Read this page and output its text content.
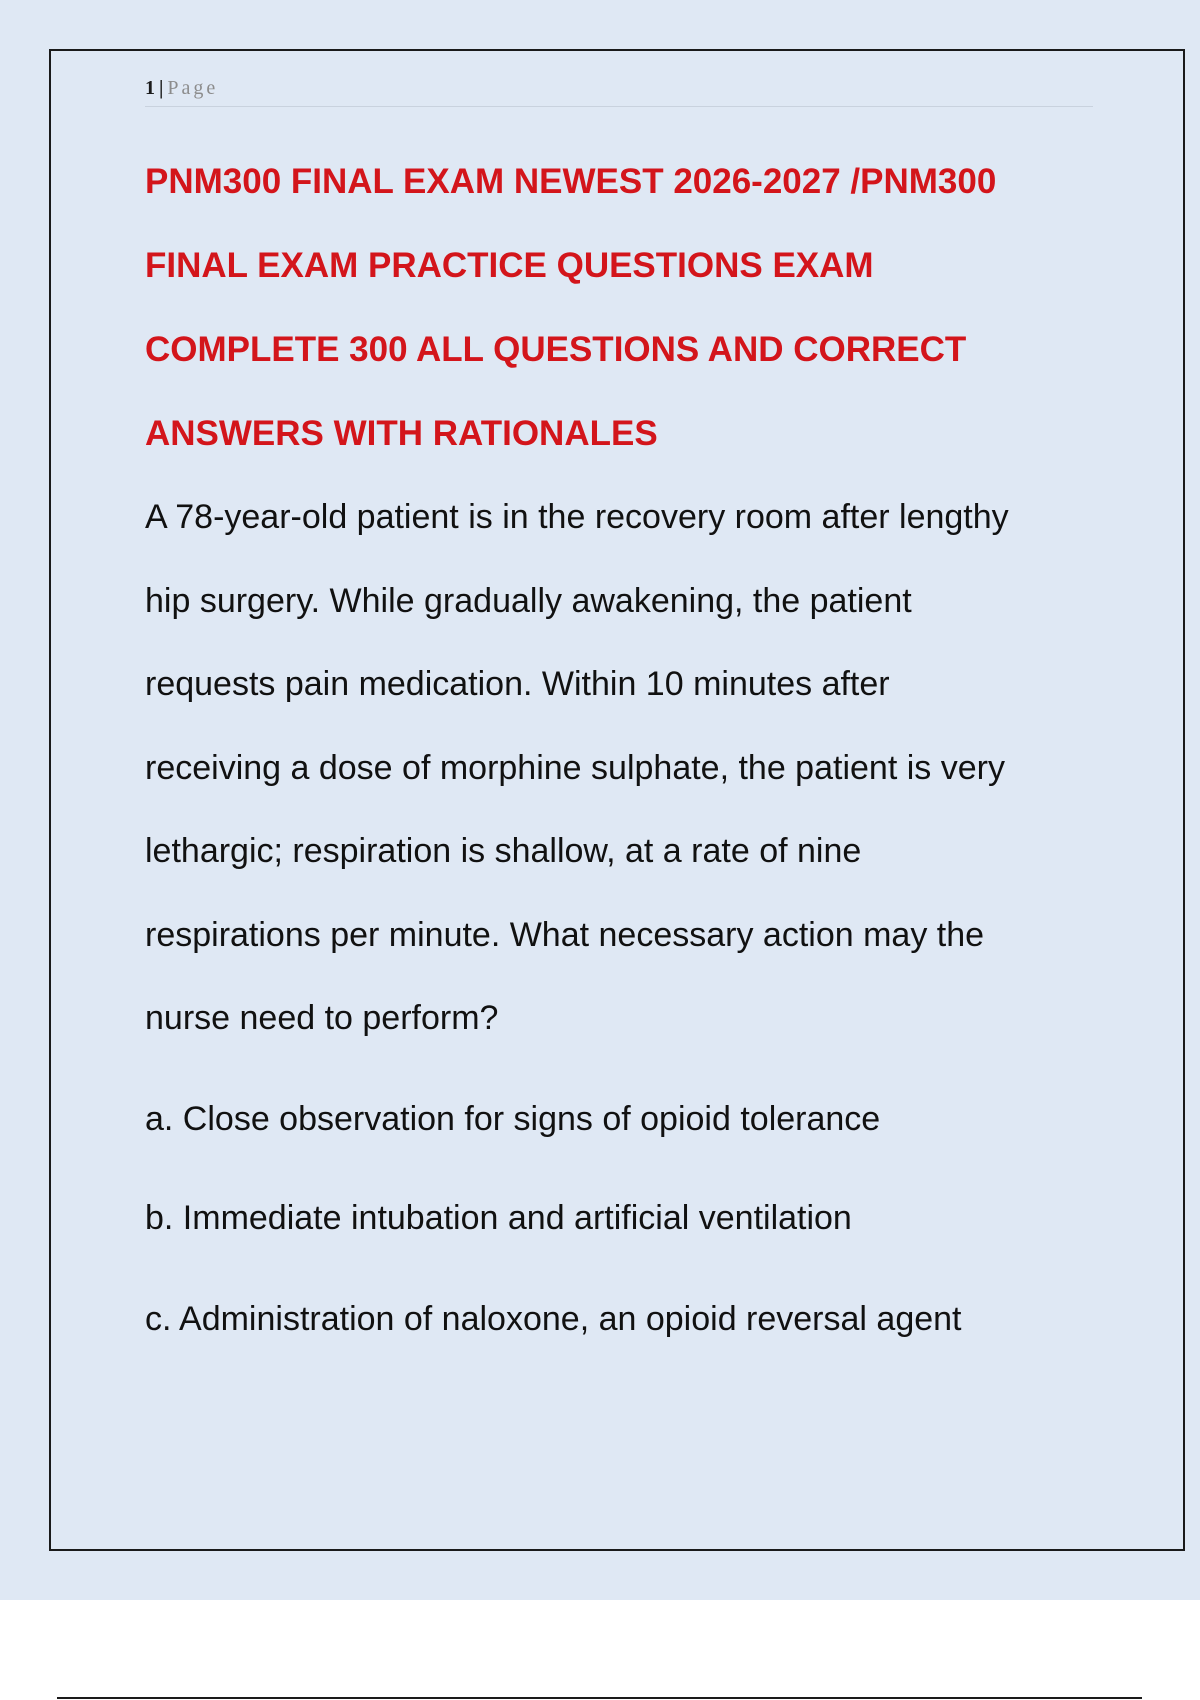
1 | Page
PNM300 FINAL EXAM NEWEST 2026-2027 /PNM300
FINAL EXAM PRACTICE QUESTIONS EXAM
COMPLETE 300 ALL QUESTIONS AND CORRECT
ANSWERS WITH RATIONALES
A 78-year-old patient is in the recovery room after lengthy
hip surgery. While gradually awakening, the patient
requests pain medication. Within 10 minutes after
receiving a dose of morphine sulphate, the patient is very
lethargic; respiration is shallow, at a rate of nine
respirations per minute. What necessary action may the
nurse need to perform?
a. Close observation for signs of opioid tolerance
b. Immediate intubation and artificial ventilation
c. Administration of naloxone, an opioid reversal agent
